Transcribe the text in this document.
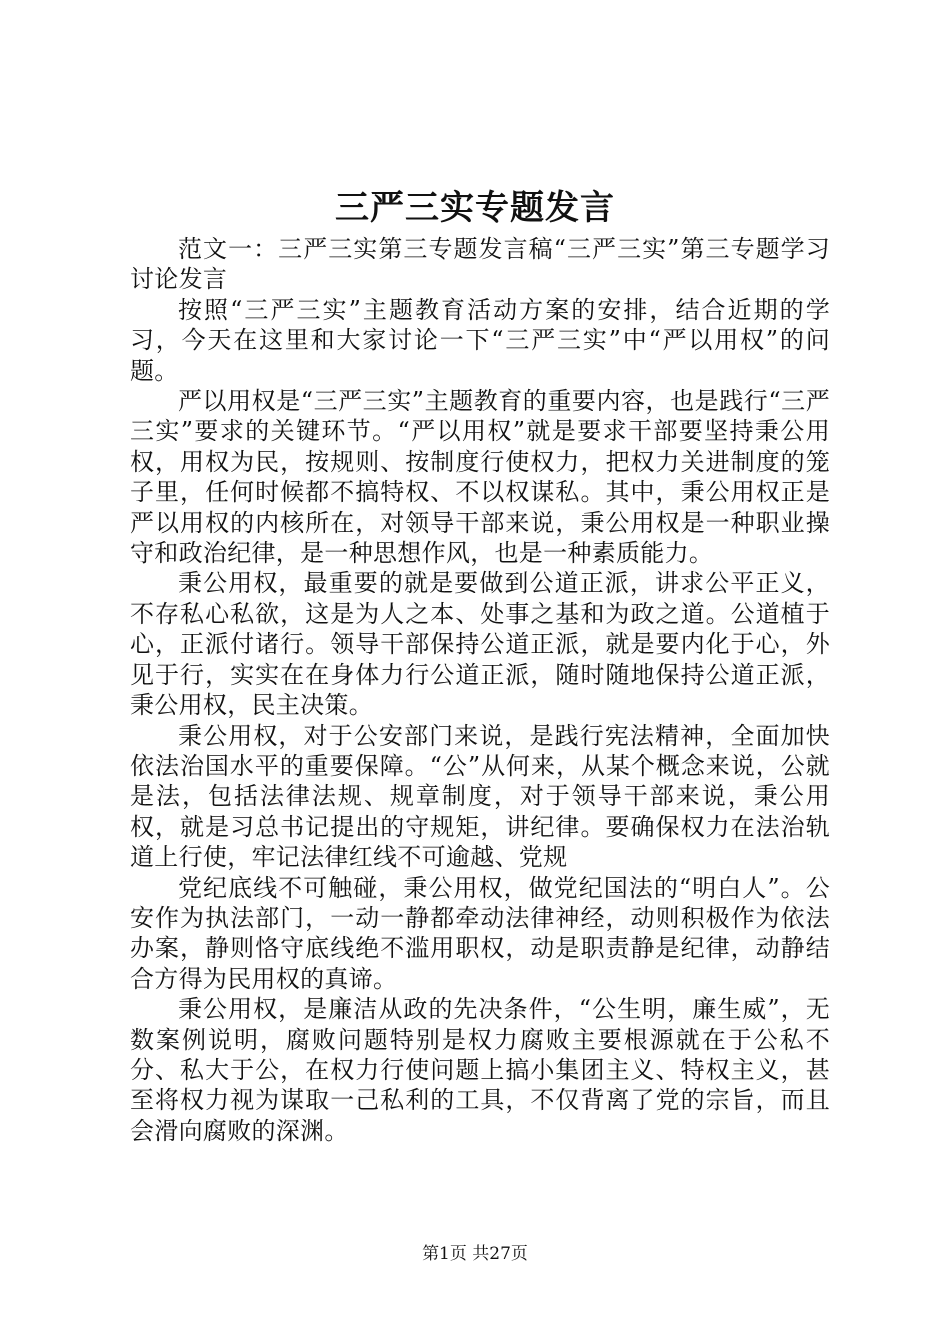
三严三实专题发言

范文一：三严三实第三专题发言稿“三严三实”第三专题学习讨论发言

按照“三严三实”主题教育活动方案的安排，结合近期的学习，今天在这里和大家讨论一下“三严三实”中“严以用权”的问题。

严以用权是“三严三实”主题教育的重要内容，也是践行“三严三实”要求的关键环节。“严以用权”就是要求干部要坚持秉公用权，用权为民，按规则、按制度行使权力，把权力关进制度的笼子里，任何时候都不搞特权、不以权谋私。其中，秉公用权正是严以用权的内核所在，对领导干部来说，秉公用权是一种职业操守和政治纪律，是一种思想作风，也是一种素质能力。

秉公用权，最重要的就是要做到公道正派，讲求公平正义，不存私心私欲，这是为人之本、处事之基和为政之道。公道植于心，正派付诸行。领导干部保持公道正派，就是要内化于心，外见于行，实实在在身体力行公道正派，随时随地保持公道正派，秉公用权，民主决策。

秉公用权，对于公安部门来说，是践行宪法精神，全面加快依法治国水平的重要保障。“公”从何来，从某个概念来说，公就是法，包括法律法规、规章制度，对于领导干部来说，秉公用权，就是习总书记提出的守规矩，讲纪律。要确保权力在法治轨道上行使，牢记法律红线不可逾越、党规

党纪底线不可触碰，秉公用权，做党纪国法的“明白人”。公安作为执法部门，一动一静都牵动法律神经，动则积极作为依法办案，静则恪守底线绝不滥用职权，动是职责静是纪律，动静结合方得为民用权的真谛。

秉公用权，是廉洁从政的先决条件，“公生明，廉生威”，无数案例说明，腐败问题特别是权力腐败主要根源就在于公私不分、私大于公，在权力行使问题上搞小集团主义、特权主义，甚至将权力视为谋取一己私利的工具，不仅背离了党的宗旨，而且会滑向腐败的深渊。

第1页 共27页
